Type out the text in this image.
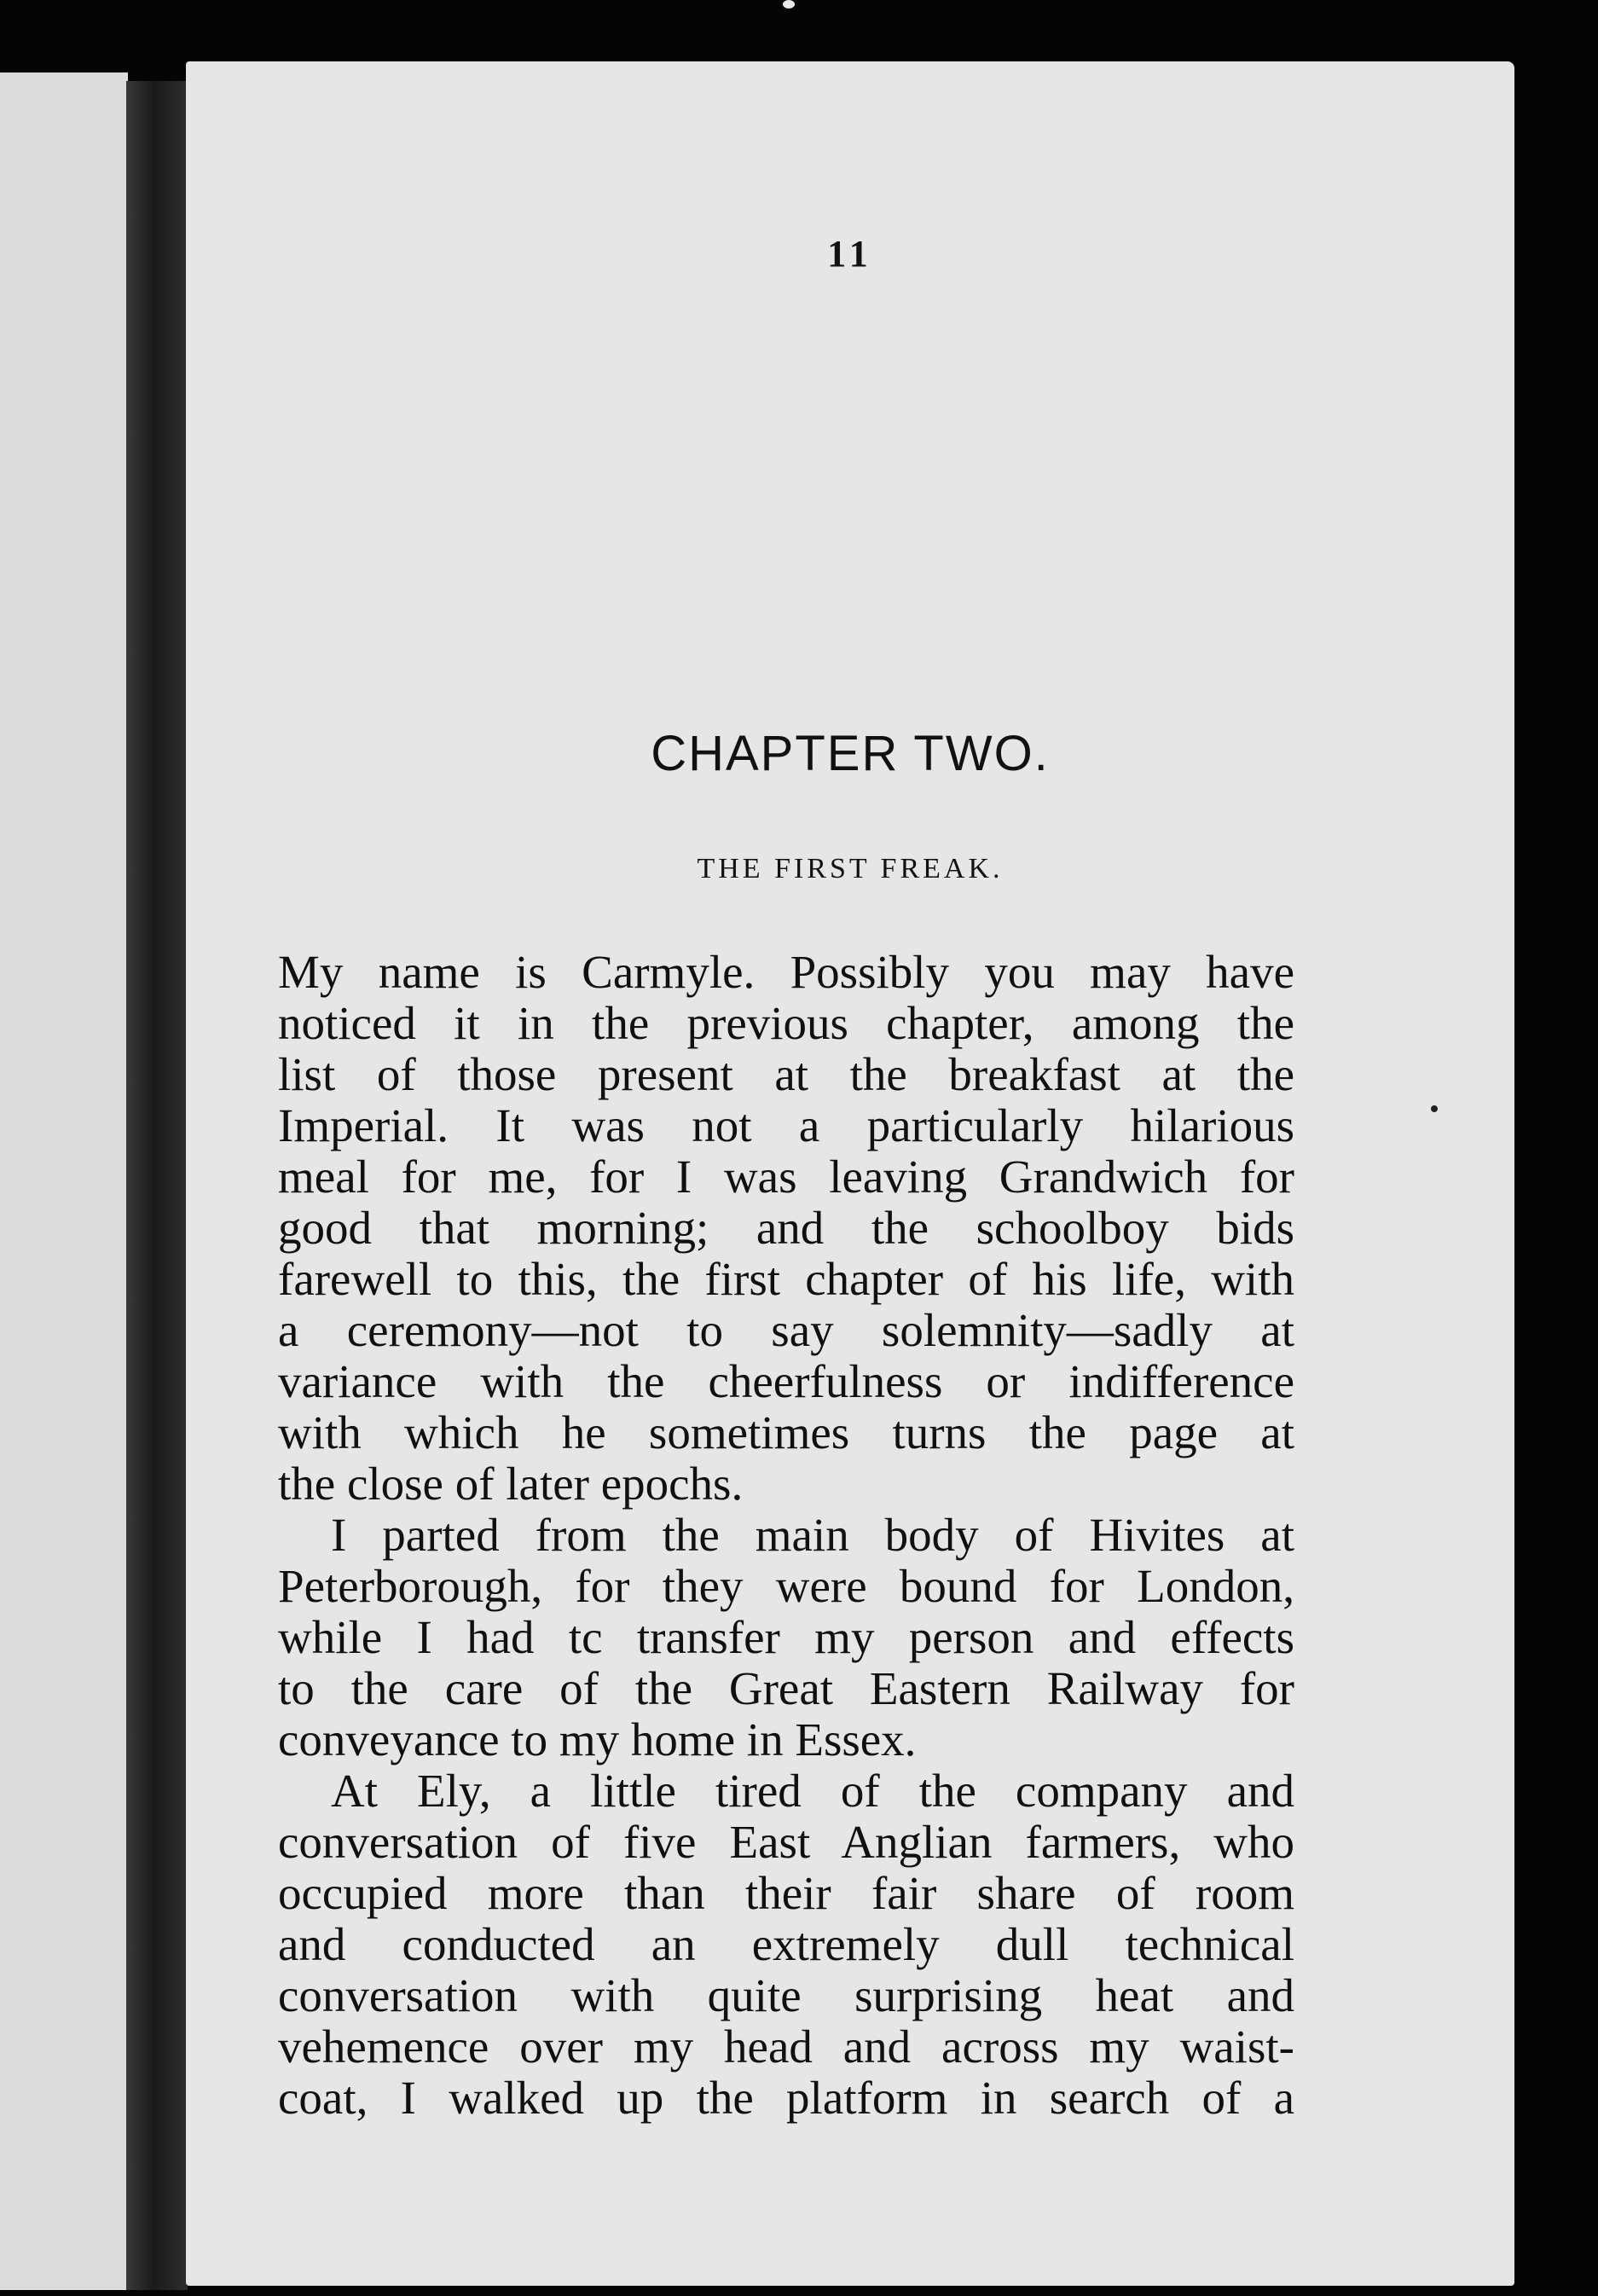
11
CHAPTER TWO.
THE FIRST FREAK.
My name is Carmyle. Possibly you may have
noticed it in the previous chapter, among the
list of those present at the breakfast at the
Imperial. It was not a particularly hilarious
meal for me, for I was leaving Grandwich for
good that morning; and the schoolboy bids
farewell to this, the first chapter of his life, with
a ceremony—not to say solemnity—sadly at
variance with the cheerfulness or indifference
with which he sometimes turns the page at
the close of later epochs.
I parted from the main body of Hivites at
Peterborough, for they were bound for London,
while I had tc transfer my person and effects
to the care of the Great Eastern Railway for
conveyance to my home in Essex.
At Ely, a little tired of the company and
conversation of five East Anglian farmers, who
occupied more than their fair share of room
and conducted an extremely dull technical
conversation with quite surprising heat and
vehemence over my head and across my waist-
coat, I walked up the platform in search of a
